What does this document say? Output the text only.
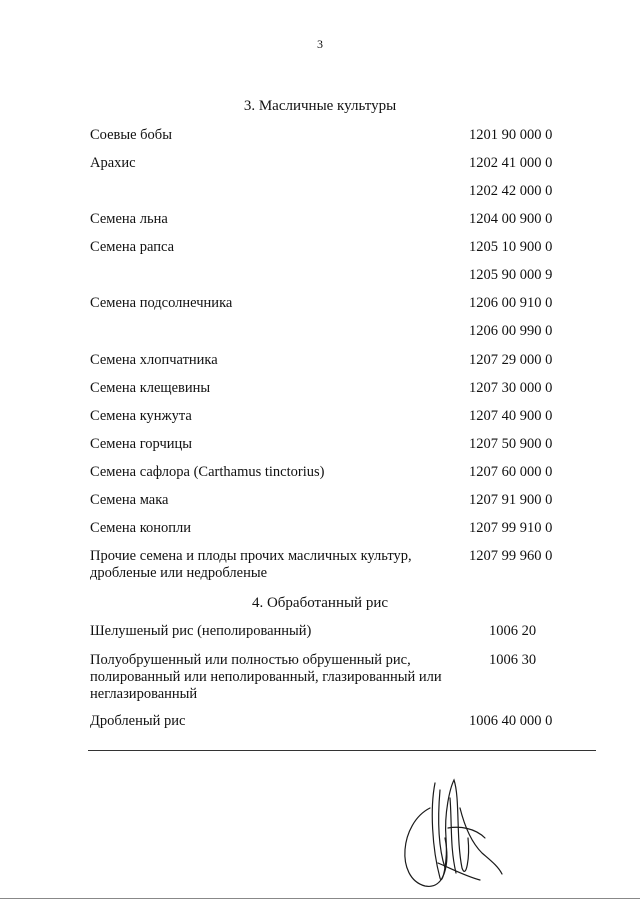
3
3. Масличные культуры
Соевые бобы	1201 90 000 0
Арахис	1202 41 000 0
1202 42 000 0
Семена льна	1204 00 900 0
Семена рапса	1205 10 900 0
1205 90 000 9
Семена подсолнечника	1206 00 910 0
1206 00 990 0
Семена хлопчатника	1207 29 000 0
Семена клещевины	1207 30 000 0
Семена кунжута	1207 40 900 0
Семена горчицы	1207 50 900 0
Семена сафлора (Carthamus tinctorius)	1207 60 000 0
Семена мака	1207 91 900 0
Семена конопли	1207 99 910 0
Прочие семена и плоды прочих масличных культур, дробленые или недробленые
1207 99 960 0
4. Обработанный рис
Шелушеный рис (неполированный)	1006 20
Полуобрушенный или полностью обрушенный рис, полированный или неполированный, глазированный или неглазированный
1006 30
Дробленый рис	1006 40 000 0
